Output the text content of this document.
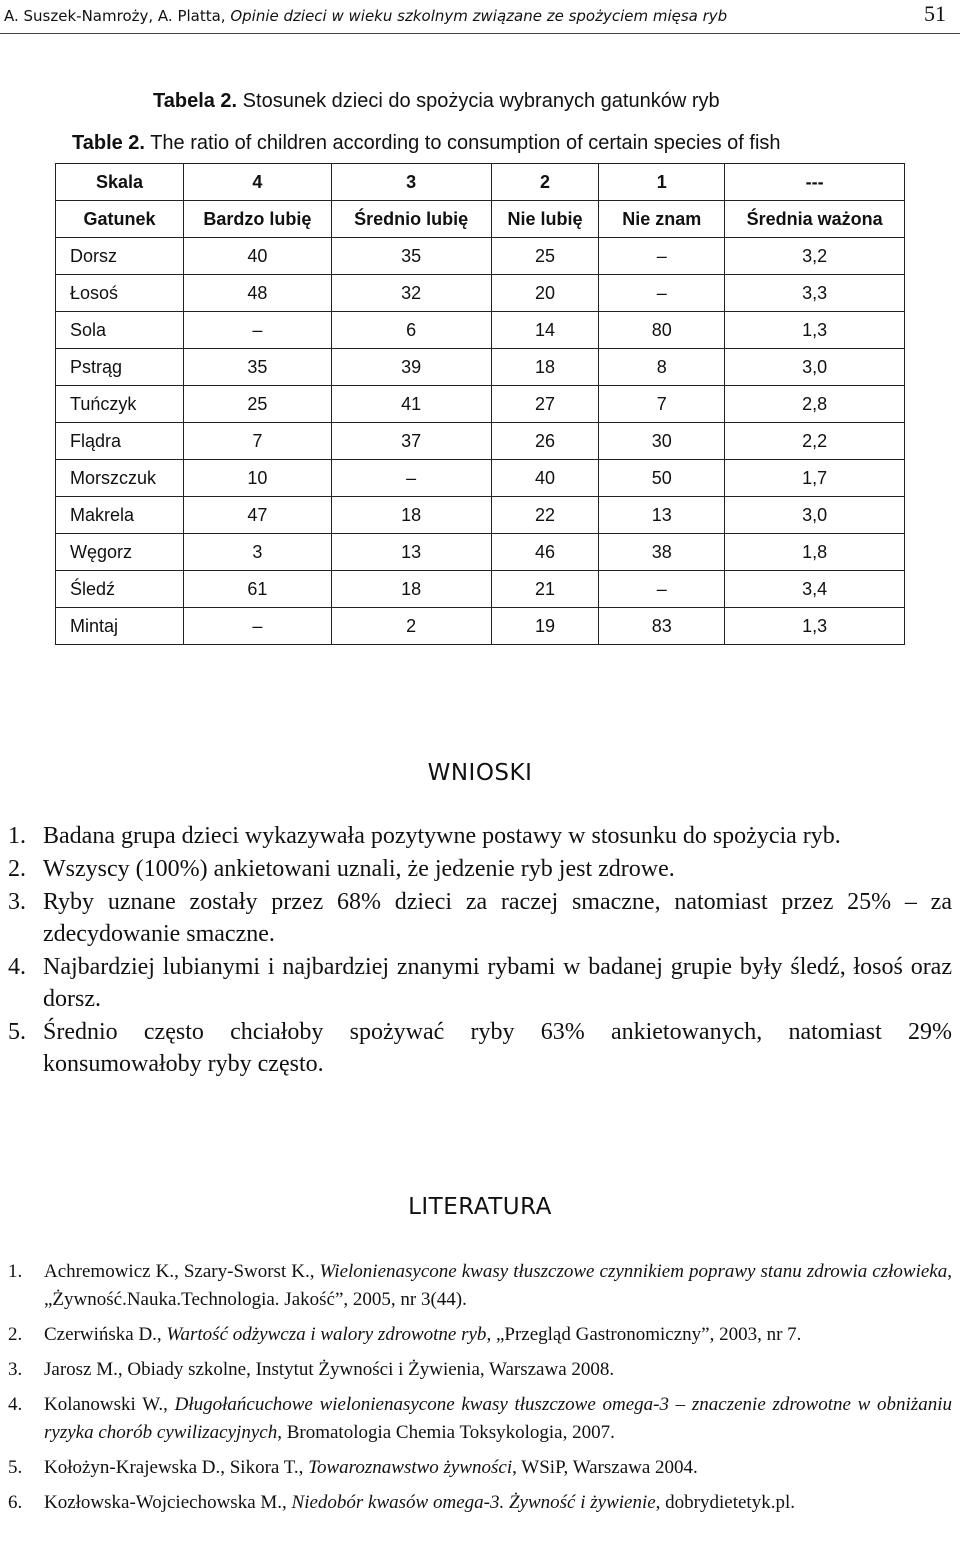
A. Suszek-Namroży, A. Platta, Opinie dzieci w wieku szkolnym związane ze spożyciem mięsa ryb	51
Tabela 2. Stosunek dzieci do spożycia wybranych gatunków ryb
Table 2. The ratio of children according to consumption of certain species of fish
Skala	4	3	2	1	---
Gatunek	Bardzo lubię	Średnio lubię	Nie lubię	Nie znam	Średnia ważona
Dorsz	40	35	25	–	3,2
Łosoś	48	32	20	–	3,3
Sola	–	6	14	80	1,3
Pstrąg	35	39	18	8	3,0
Tuńczyk	25	41	27	7	2,8
Flądra	7	37	26	30	2,2
Morszczuk	10	–	40	50	1,7
Makrela	47	18	22	13	3,0
Węgorz	3	13	46	38	1,8
Śledź	61	18	21	–	3,4
Mintaj	–	2	19	83	1,3
WNIOSKI
1. Badana grupa dzieci wykazywała pozytywne postawy w stosunku do spożycia ryb.
2. Wszyscy (100%) ankietowani uznali, że jedzenie ryb jest zdrowe.
3. Ryby uznane zostały przez 68% dzieci za raczej smaczne, natomiast przez 25% – za zdecydowanie smaczne.
4. Najbardziej lubianymi i najbardziej znanymi rybami w badanej grupie były śledź, łosoś oraz dorsz.
5. Średnio często chciałoby spożywać ryby 63% ankietowanych, natomiast 29% konsumowałoby ryby często.
LITERATURA
1. Achremowicz K., Szary-Sworst K., Wielonienasycone kwasy tłuszczowe czynnikiem poprawy stanu zdrowia człowieka, „Żywność.Nauka.Technologia. Jakość”, 2005, nr 3(44).
2. Czerwińska D., Wartość odżywcza i walory zdrowotne ryb, „Przegląd Gastronomiczny”, 2003, nr 7.
3. Jarosz M., Obiady szkolne, Instytut Żywności i Żywienia, Warszawa 2008.
4. Kolanowski W., Długołańcuchowe wielonienasycone kwasy tłuszczowe omega-3 – znaczenie zdrowotne w obniżaniu ryzyka chorób cywilizacyjnych, Bromatologia Chemia Toksykologia, 2007.
5. Kołożyn-Krajewska D., Sikora T., Towaroznawstwo żywności, WSiP, Warszawa 2004.
6. Kozłowska-Wojciechowska M., Niedobór kwasów omega-3. Żywność i żywienie, dobrydietetyk.pl.
